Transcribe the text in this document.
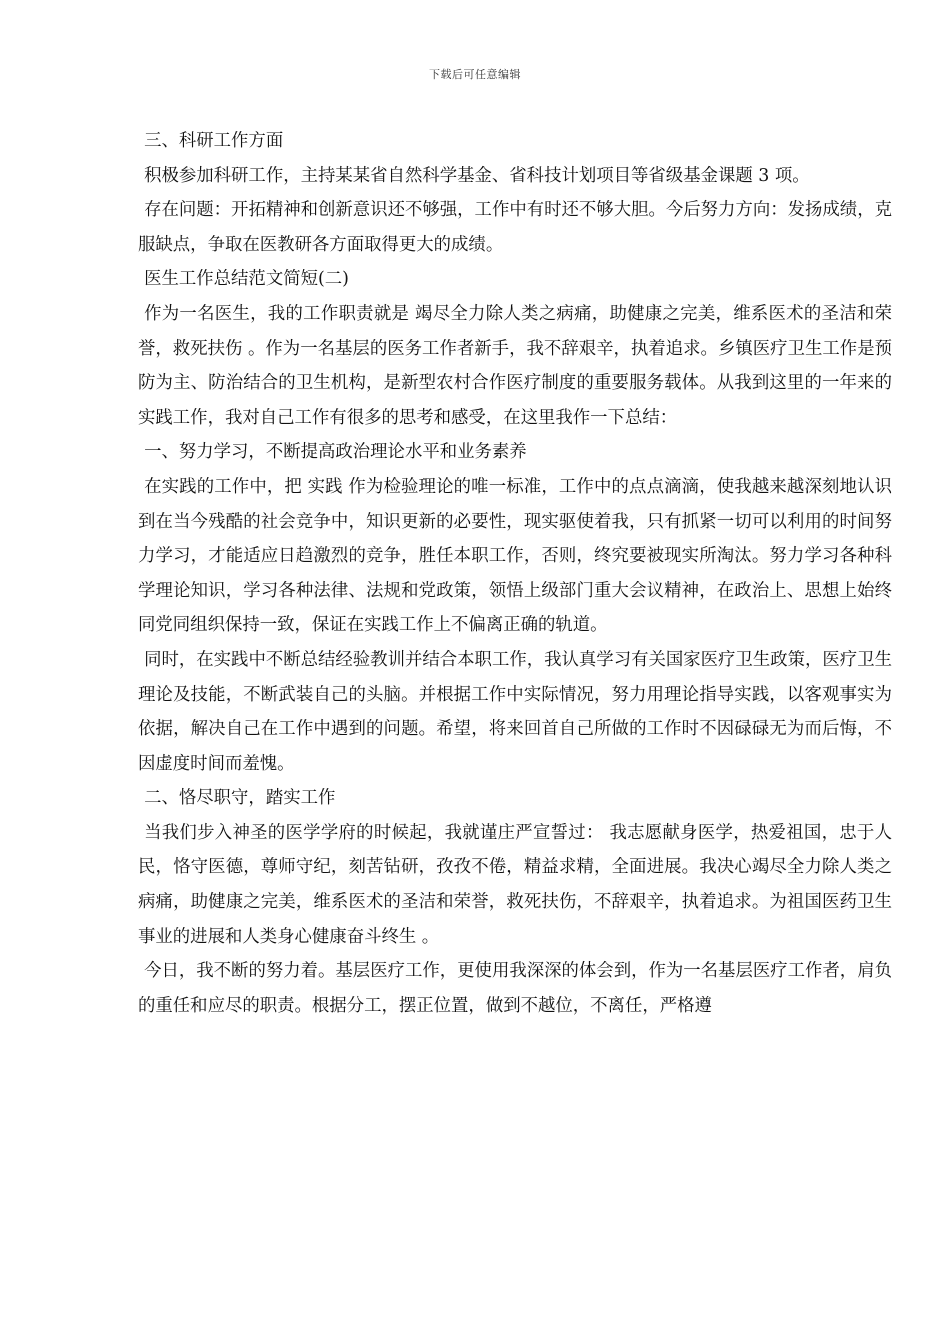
下载后可任意编辑

三、科研工作方面

积极参加科研工作，主持某某省自然科学基金、省科技计划项目等省级基金课题 3 项。

存在问题：开拓精神和创新意识还不够强，工作中有时还不够大胆。今后努力方向：发扬成绩，克服缺点，争取在医教研各方面取得更大的成绩。

医生工作总结范文简短(二)

作为一名医生，我的工作职责就是 竭尽全力除人类之病痛，助健康之完美，维系医术的圣洁和荣誉，救死扶伤 。作为一名基层的医务工作者新手，我不辞艰辛，执着追求。乡镇医疗卫生工作是预防为主、防治结合的卫生机构，是新型农村合作医疗制度的重要服务载体。从我到这里的一年来的实践工作，我对自己工作有很多的思考和感受，在这里我作一下总结：

一、努力学习，不断提高政治理论水平和业务素养

在实践的工作中，把 实践 作为检验理论的唯一标准，工作中的点点滴滴，使我越来越深刻地认识到在当今残酷的社会竞争中，知识更新的必要性，现实驱使着我，只有抓紧一切可以利用的时间努力学习，才能适应日趋激烈的竞争，胜任本职工作，否则，终究要被现实所淘汰。努力学习各种科学理论知识，学习各种法律、法规和党政策，领悟上级部门重大会议精神，在政治上、思想上始终同党同组织保持一致，保证在实践工作上不偏离正确的轨道。

同时，在实践中不断总结经验教训并结合本职工作，我认真学习有关国家医疗卫生政策，医疗卫生理论及技能，不断武装自己的头脑。并根据工作中实际情况，努力用理论指导实践，以客观事实为依据，解决自己在工作中遇到的问题。希望，将来回首自己所做的工作时不因碌碌无为而后悔，不因虚度时间而羞愧。

二、恪尽职守，踏实工作

当我们步入神圣的医学学府的时候起，我就谨庄严宣誓过： 我志愿献身医学，热爱祖国，忠于人民，恪守医德，尊师守纪，刻苦钻研，孜孜不倦，精益求精，全面进展。我决心竭尽全力除人类之病痛，助健康之完美，维系医术的圣洁和荣誉，救死扶伤，不辞艰辛，执着追求。为祖国医药卫生事业的进展和人类身心健康奋斗终生 。

今日，我不断的努力着。基层医疗工作，更使用我深深的体会到，作为一名基层医疗工作者，肩负的重任和应尽的职责。根据分工，摆正位置，做到不越位，不离任，严格遵
